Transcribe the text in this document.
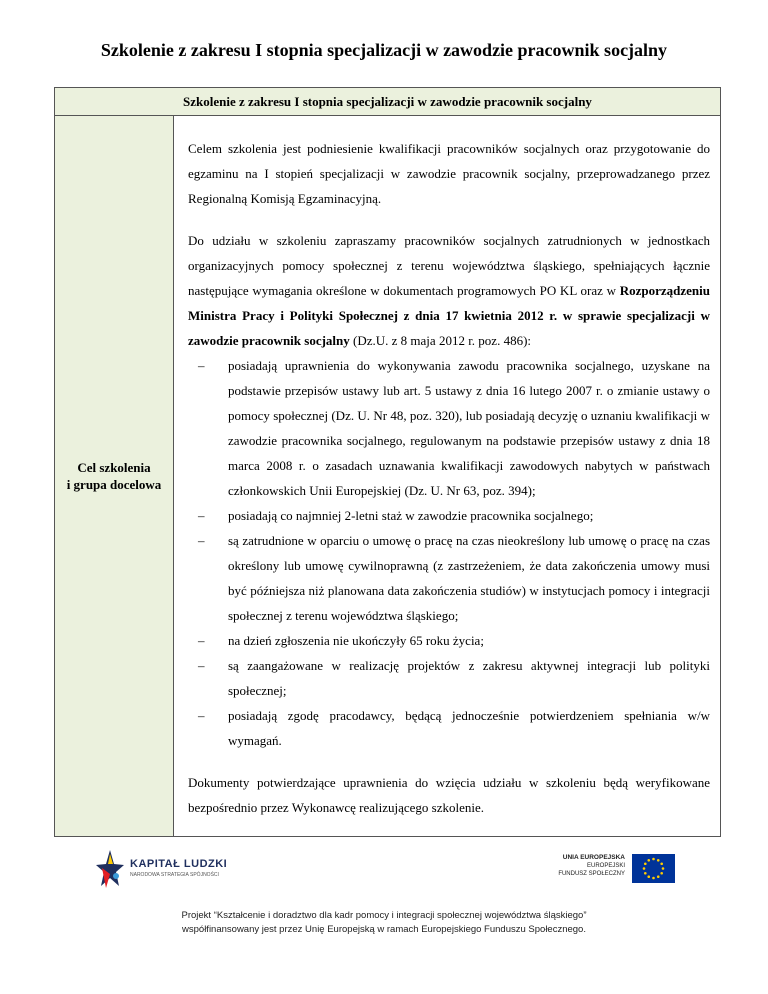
Szkolenie z zakresu I stopnia specjalizacji w zawodzie pracownik socjalny
Szkolenie z zakresu I stopnia specjalizacji w zawodzie pracownik socjalny
Cel szkolenia
i grupa docelowa

Celem szkolenia jest podniesienie kwalifikacji pracowników socjalnych oraz przygotowanie do egzaminu na I stopień specjalizacji w zawodzie pracownik socjalny, przeprowadzanego przez Regionalną Komisją Egzaminacyjną.

Do udziału w szkoleniu zapraszamy pracowników socjalnych zatrudnionych w jednostkach organizacyjnych pomocy społecznej z terenu województwa śląskiego, spełniających łącznie następujące wymagania określone w dokumentach programowych PO KL oraz w Rozporządzeniu Ministra Pracy i Polityki Społecznej z dnia 17 kwietnia 2012 r. w sprawie specjalizacji w zawodzie pracownik socjalny (Dz.U. z 8 maja 2012 r. poz. 486):

– posiadają uprawnienia do wykonywania zawodu pracownika socjalnego, uzyskane na podstawie przepisów ustawy lub art. 5 ustawy z dnia 16 lutego 2007 r. o zmianie ustawy o pomocy społecznej (Dz. U. Nr 48, poz. 320), lub posiadają decyzję o uznaniu kwalifikacji w zawodzie pracownika socjalnego, regulowanym na podstawie przepisów ustawy z dnia 18 marca 2008 r. o zasadach uznawania kwalifikacji zawodowych nabytych w państwach członkowskich Unii Europejskiej (Dz. U. Nr 63, poz. 394);
– posiadają co najmniej 2-letni staż w zawodzie pracownika socjalnego;
– są zatrudnione w oparciu o umowę o pracę na czas nieokreślony lub umowę o pracę na czas określony lub umowę cywilnoprawną (z zastrzeżeniem, że data zakończenia umowy musi być późniejsza niż planowana data zakończenia studiów) w instytucjach pomocy i integracji społecznej z terenu województwa śląskiego;
– na dzień zgłoszenia nie ukończyły 65 roku życia;
– są zaangażowane w realizację projektów z zakresu aktywnej integracji lub polityki społecznej;
– posiadają zgodę pracodawcy, będącą jednocześnie potwierdzeniem spełniania w/w wymagań.

Dokumenty potwierdzające uprawnienia do wzięcia udziału w szkoleniu będą weryfikowane bezpośrednio przez Wykonawcę realizującego szkolenie.

KAPITAŁ LUDZKI
NARODOWA STRATEGIA SPÓJNOŚCI
UNIA EUROPEJSKA
EUROPEJSKI
FUNDUSZ SPOŁECZNY
Projekt “Kształcenie i doradztwo dla kadr pomocy i integracji społecznej województwa śląskiego”
współfinansowany jest przez Unię Europejską w ramach Europejskiego Funduszu Społecznego.
